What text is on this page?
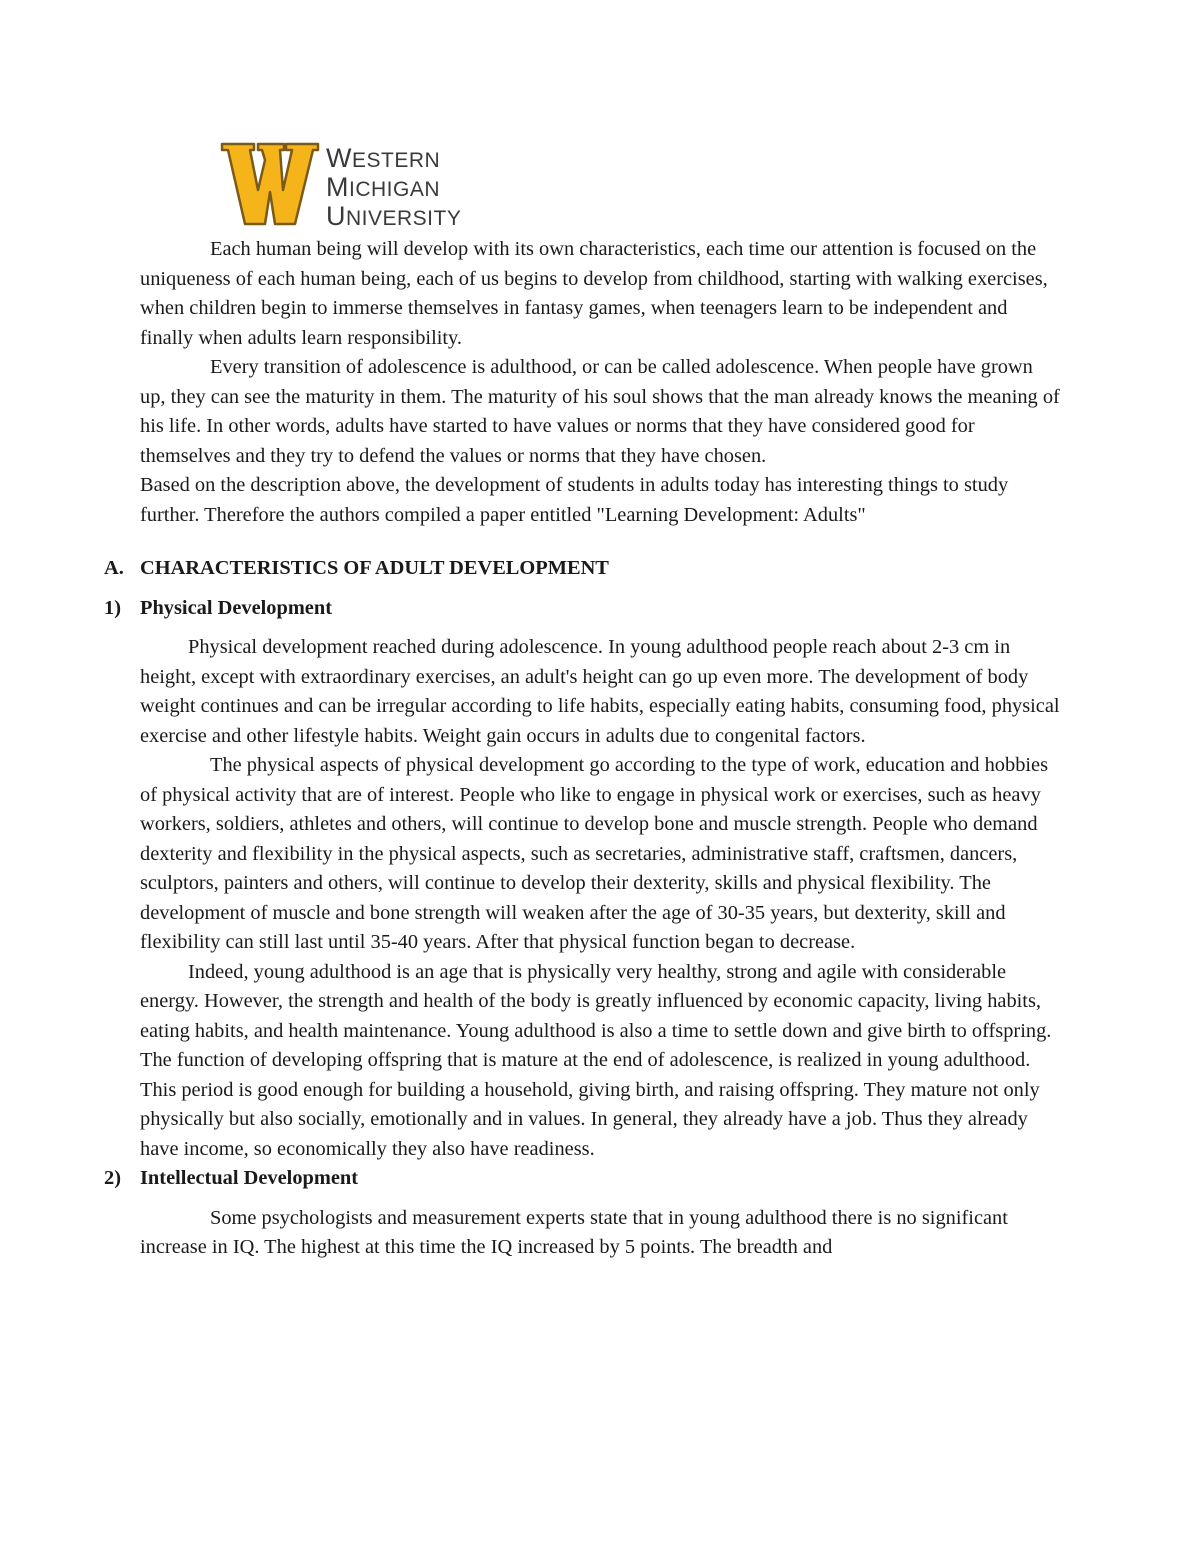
WESTERN
MICHIGAN
UNIVERSITY

Each human being will develop with its own characteristics, each time our attention is focused on the uniqueness of each human being, each of us begins to develop from childhood, starting with walking exercises, when children begin to immerse themselves in fantasy games, when teenagers learn to be independent and finally when adults learn responsibility.

Every transition of adolescence is adulthood, or can be called adolescence. When people have grown up, they can see the maturity in them. The maturity of his soul shows that the man already knows the meaning of his life. In other words, adults have started to have values or norms that they have considered good for themselves and they try to defend the values or norms that they have chosen.

Based on the description above, the development of students in adults today has interesting things to study further. Therefore the authors compiled a paper entitled "Learning Development: Adults"

A. CHARACTERISTICS OF ADULT DEVELOPMENT

1) Physical Development

Physical development reached during adolescence. In young adulthood people reach about 2-3 cm in height, except with extraordinary exercises, an adult's height can go up even more. The development of body weight continues and can be irregular according to life habits, especially eating habits, consuming food, physical exercise and other lifestyle habits. Weight gain occurs in adults due to congenital factors.

The physical aspects of physical development go according to the type of work, education and hobbies of physical activity that are of interest. People who like to engage in physical work or exercises, such as heavy workers, soldiers, athletes and others, will continue to develop bone and muscle strength. People who demand dexterity and flexibility in the physical aspects, such as secretaries, administrative staff, craftsmen, dancers, sculptors, painters and others, will continue to develop their dexterity, skills and physical flexibility. The development of muscle and bone strength will weaken after the age of 30-35 years, but dexterity, skill and flexibility can still last until 35-40 years. After that physical function began to decrease.

Indeed, young adulthood is an age that is physically very healthy, strong and agile with considerable energy. However, the strength and health of the body is greatly influenced by economic capacity, living habits, eating habits, and health maintenance. Young adulthood is also a time to settle down and give birth to offspring. The function of developing offspring that is mature at the end of adolescence, is realized in young adulthood. This period is good enough for building a household, giving birth, and raising offspring. They mature not only physically but also socially, emotionally and in values. In general, they already have a job. Thus they already have income, so economically they also have readiness.

2) Intellectual Development

Some psychologists and measurement experts state that in young adulthood there is no significant increase in IQ. The highest at this time the IQ increased by 5 points. The breadth and
